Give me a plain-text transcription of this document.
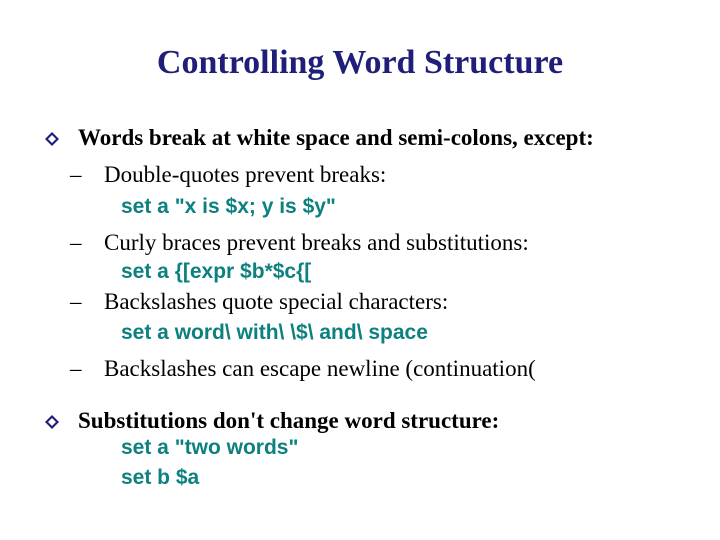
Controlling Word Structure
Words break at white space and semi-colons, except:
– Double-quotes prevent breaks:
set a "x is $x; y is $y"
– Curly braces prevent breaks and substitutions:
set a {[expr $b*$c{[
– Backslashes quote special characters:
set a word\ with\ \$\ and\ space
– Backslashes can escape newline (continuation(
Substitutions don't change word structure:
set a "two words"
set b $a
